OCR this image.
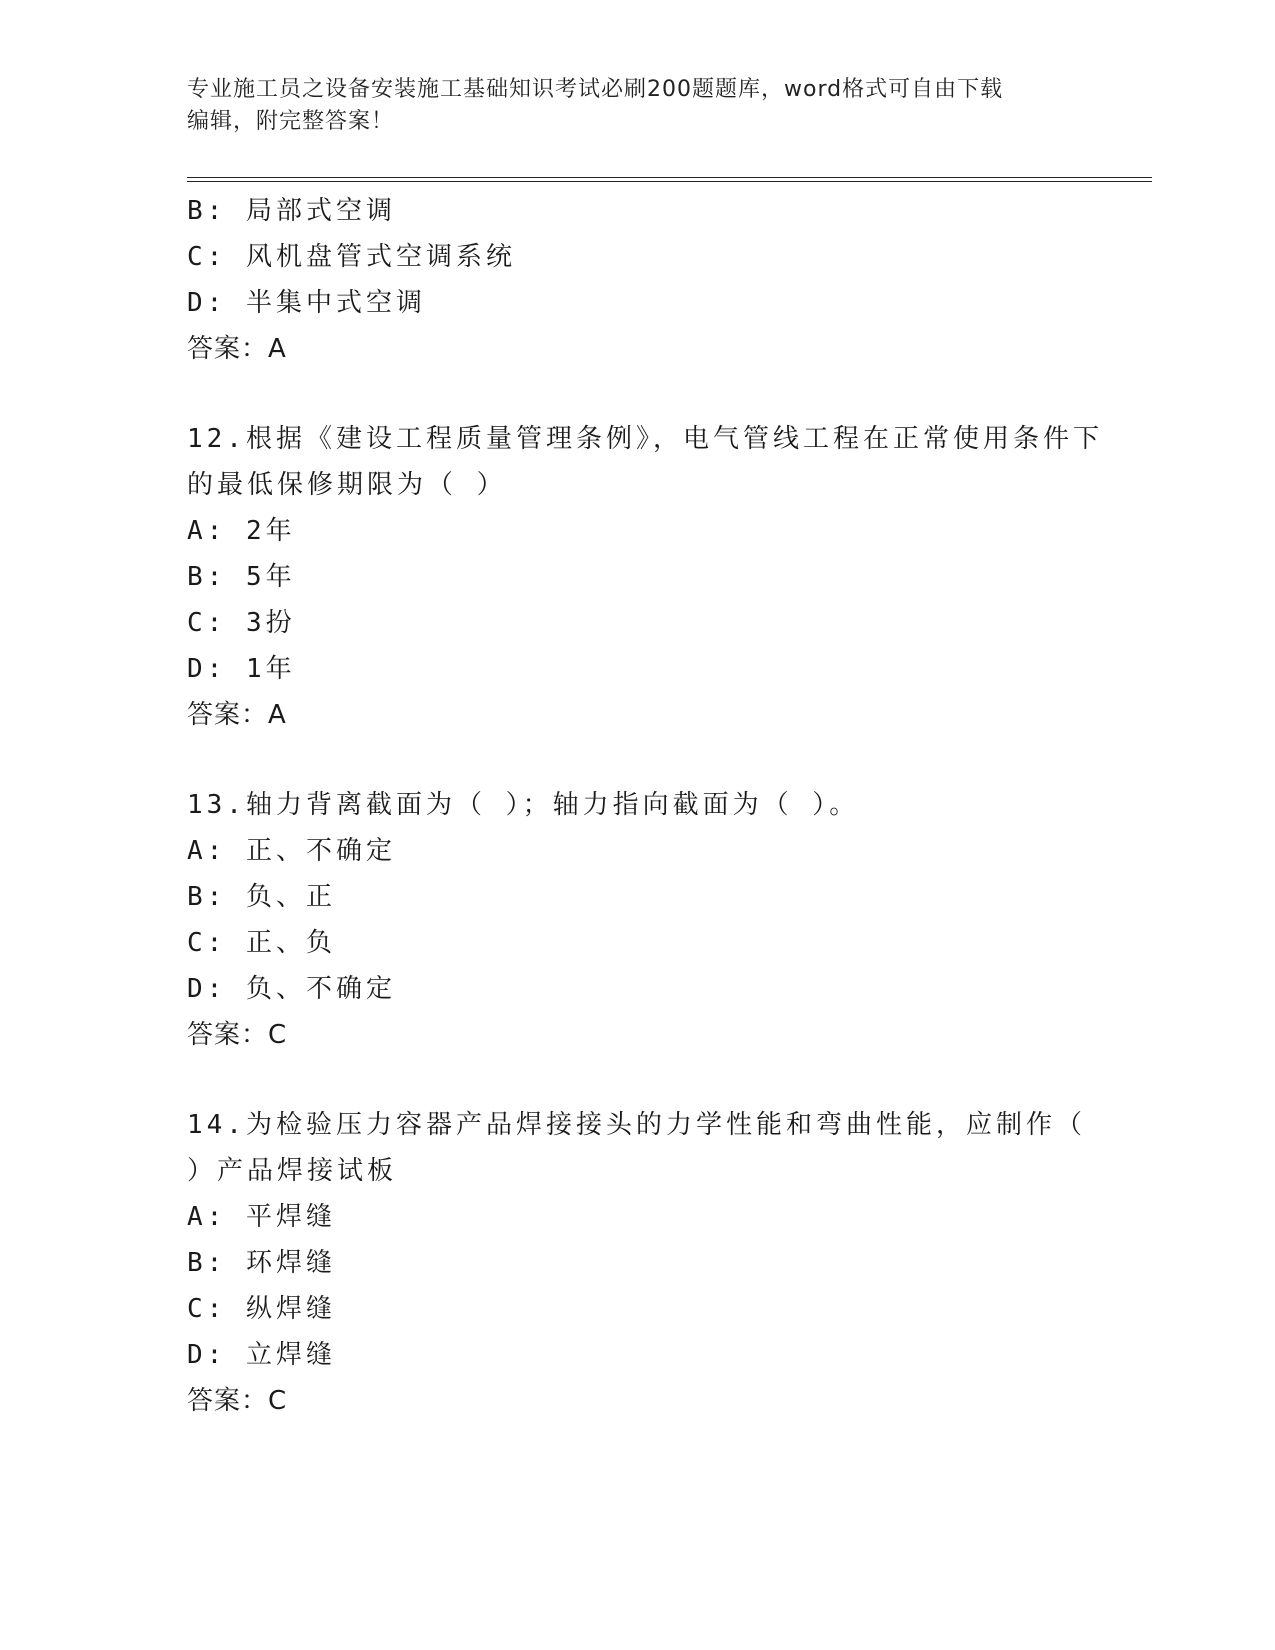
专业施工员之设备安装施工基础知识考试必刷200题题库，word格式可自由下载
编辑，附完整答案！
B: 局部式空调
C: 风机盘管式空调系统
D: 半集中式空调
答案：A
12.根据《建设工程质量管理条例》，电气管线工程在正常使用条件下
的最低保修期限为（ ）
A: 2年
B: 5年
C: 3扮
D: 1年
答案：A
13.轴力背离截面为（ ）；轴力指向截面为（ ）。
A: 正、不确定
B: 负、正
C: 正、负
D: 负、不确定
答案：C
14.为检验压力容器产品焊接接头的力学性能和弯曲性能，应制作（
）产品焊接试板
A: 平焊缝
B: 环焊缝
C: 纵焊缝
D: 立焊缝
答案：C
